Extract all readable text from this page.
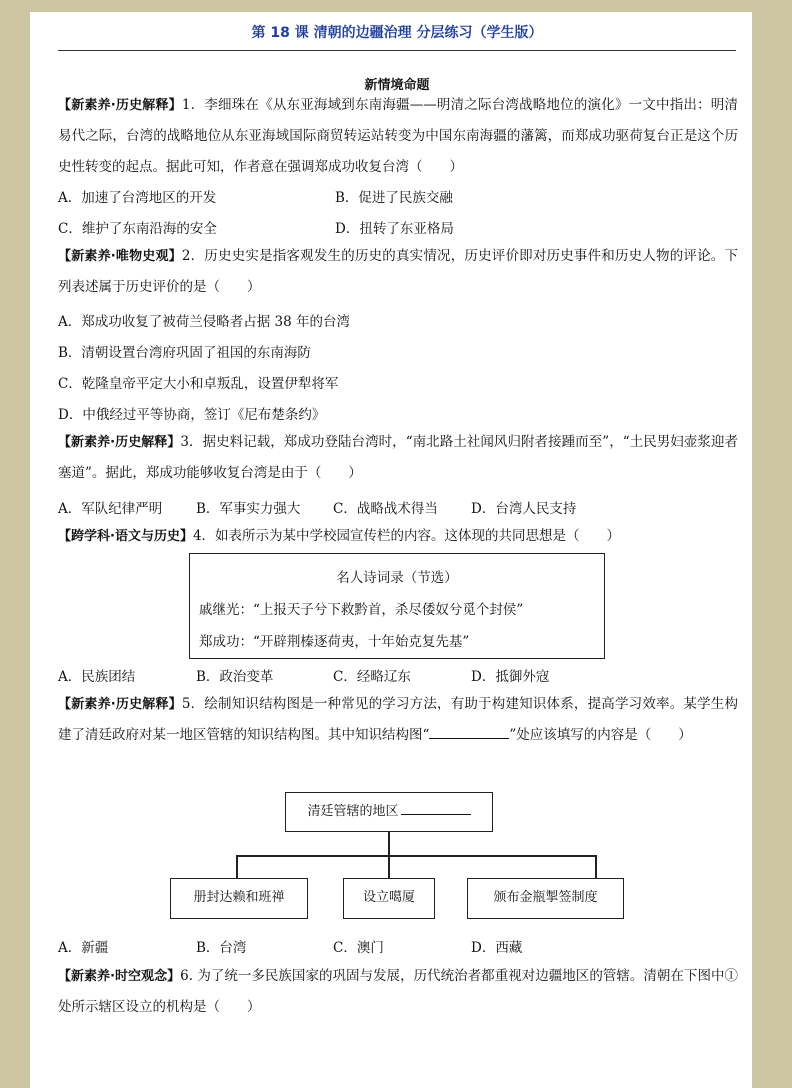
第 18 课 清朝的边疆治理 分层练习（学生版）
新情境命题
【新素养·历史解释】1．李细珠在《从东亚海域到东南海疆——明清之际台湾战略地位的演化》一文中指出：明清易代之际，台湾的战略地位从东亚海域国际商贸转运站转变为中国东南海疆的藩篱，而郑成功驱荷复台正是这个历史性转变的起点。据此可知，作者意在强调郑成功收复台湾（　　）
A．加速了台湾地区的开发	B．促进了民族交融
C．维护了东南沿海的安全	D．扭转了东亚格局
【新素养·唯物史观】2．历史史实是指客观发生的历史的真实情况，历史评价即对历史事件和历史人物的评论。下列表述属于历史评价的是（　　）
A．郑成功收复了被荷兰侵略者占据 38 年的台湾
B．清朝设置台湾府巩固了祖国的东南海防
C．乾隆皇帝平定大小和卓叛乱，设置伊犁将军
D．中俄经过平等协商，签订《尼布楚条约》
【新素养·历史解释】3．据史料记载，郑成功登陆台湾时，“南北路土社闻风归附者接踵而至”，“土民男妇壶浆迎者塞道”。据此，郑成功能够收复台湾是由于（　　）
A．军队纪律严明	B．军事实力强大 C．战略战术得当 D．台湾人民支持
【跨学科·语文与历史】4．如表所示为某中学校园宣传栏的内容。这体现的共同思想是（　　）
名人诗词录（节选）
戚继光：“上报天子兮下救黔首，杀尽倭奴兮觅个封侯”
郑成功：“开辟荆榛逐荷夷，十年始克复先基”
A．民族团结	B．政治变革	C．经略辽东	D．抵御外寇
【新素养·历史解释】5．绘制知识结构图是一种常见的学习方法，有助于构建知识体系，提高学习效率。某学生构建了清廷政府对某一地区管辖的知识结构图。其中知识结构图“	”处应该填写的内容是（　　）
清廷管辖的地区
册封达赖和班禅	设立噶厦	颁布金瓶掣签制度
A．新疆	B．台湾	C．澳门	D．西藏
【新素养·时空观念】6. 为了统一多民族国家的巩固与发展，历代统治者都重视对边疆地区的管辖。清朝在下图中①处所示辖区设立的机构是（　　）
